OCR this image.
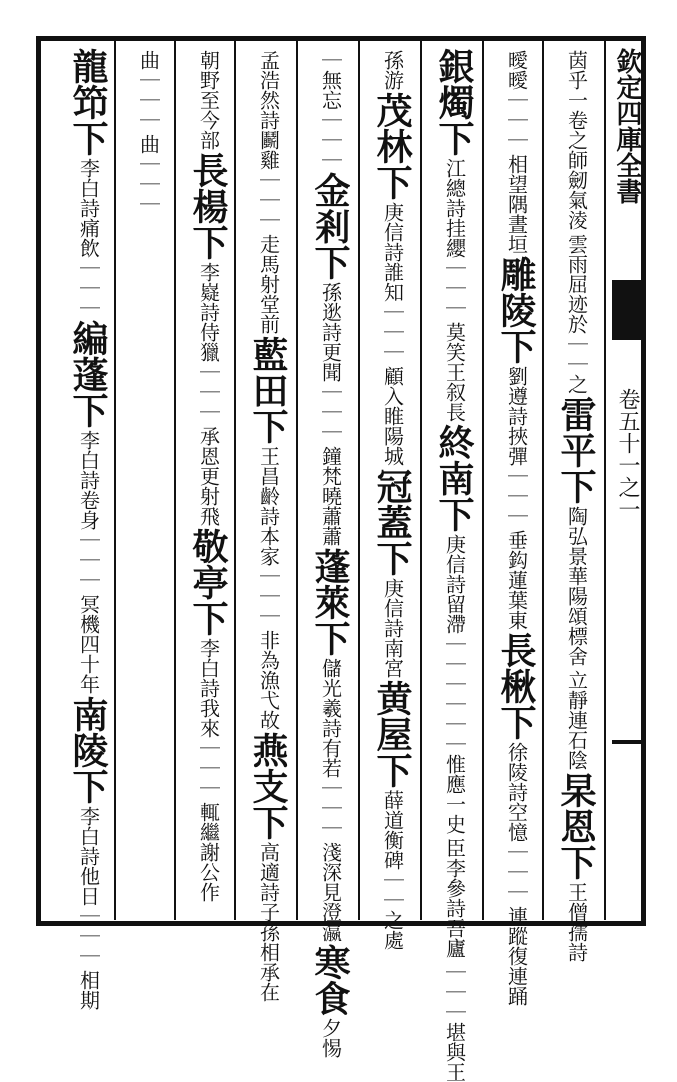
欽定四庫全書
卷五十一之一
茵乎一卷之師劒氣淩
雲雨屈迹於｜｜之
雷平
下
陶弘景華陽頌標舍
立靜連石陰
杲恩
下
王僧孺詩
曖曖｜｜｜
相望隅晝垣
雕陵
下
劉遵詩挾彈｜｜｜
垂鈎蓮葉東
長楸
下
徐陵詩空憶｜｜｜
連蹤復連踊
銀燭
下
江總詩挂纓｜｜｜
莫笑王叙長
終南
下
庚信詩留滯｜｜｜｜｜｜惟應一史
臣李參詩吾廬
｜｜｜堪與王
孫游
茂林
下
庚信詩誰知｜｜｜
顧入睢陽城
冠蓋
下
庚信詩南宮
黄屋
下
薛道衡碑｜｜之處
｜無忘｜｜｜
金剎
下
孫逖詩更聞｜｜｜
鐘梵曉蕭蕭
蓬萊
下
儲光羲詩有若｜｜｜
淺深見澄瀛
寒食
夕惕
孟浩然詩鬬雞｜｜｜
走馬射堂前
藍田
下
王昌齡詩本家｜｜｜
非為漁弋故
燕支
下
高適詩子孫相承在
朝野至今部
長楊
下
李嶷詩侍獵｜｜｜
承恩更射飛
敬亭
下
李白詩我來｜｜｜
輒繼謝公作
曲｜｜｜
曲｜｜｜
龍笻
下
李白詩痛飲｜｜｜
編蓬
下
李白詩卷身｜｜｜
冥機四十年
南陵
下
李白詩他日｜｜｜
相期
